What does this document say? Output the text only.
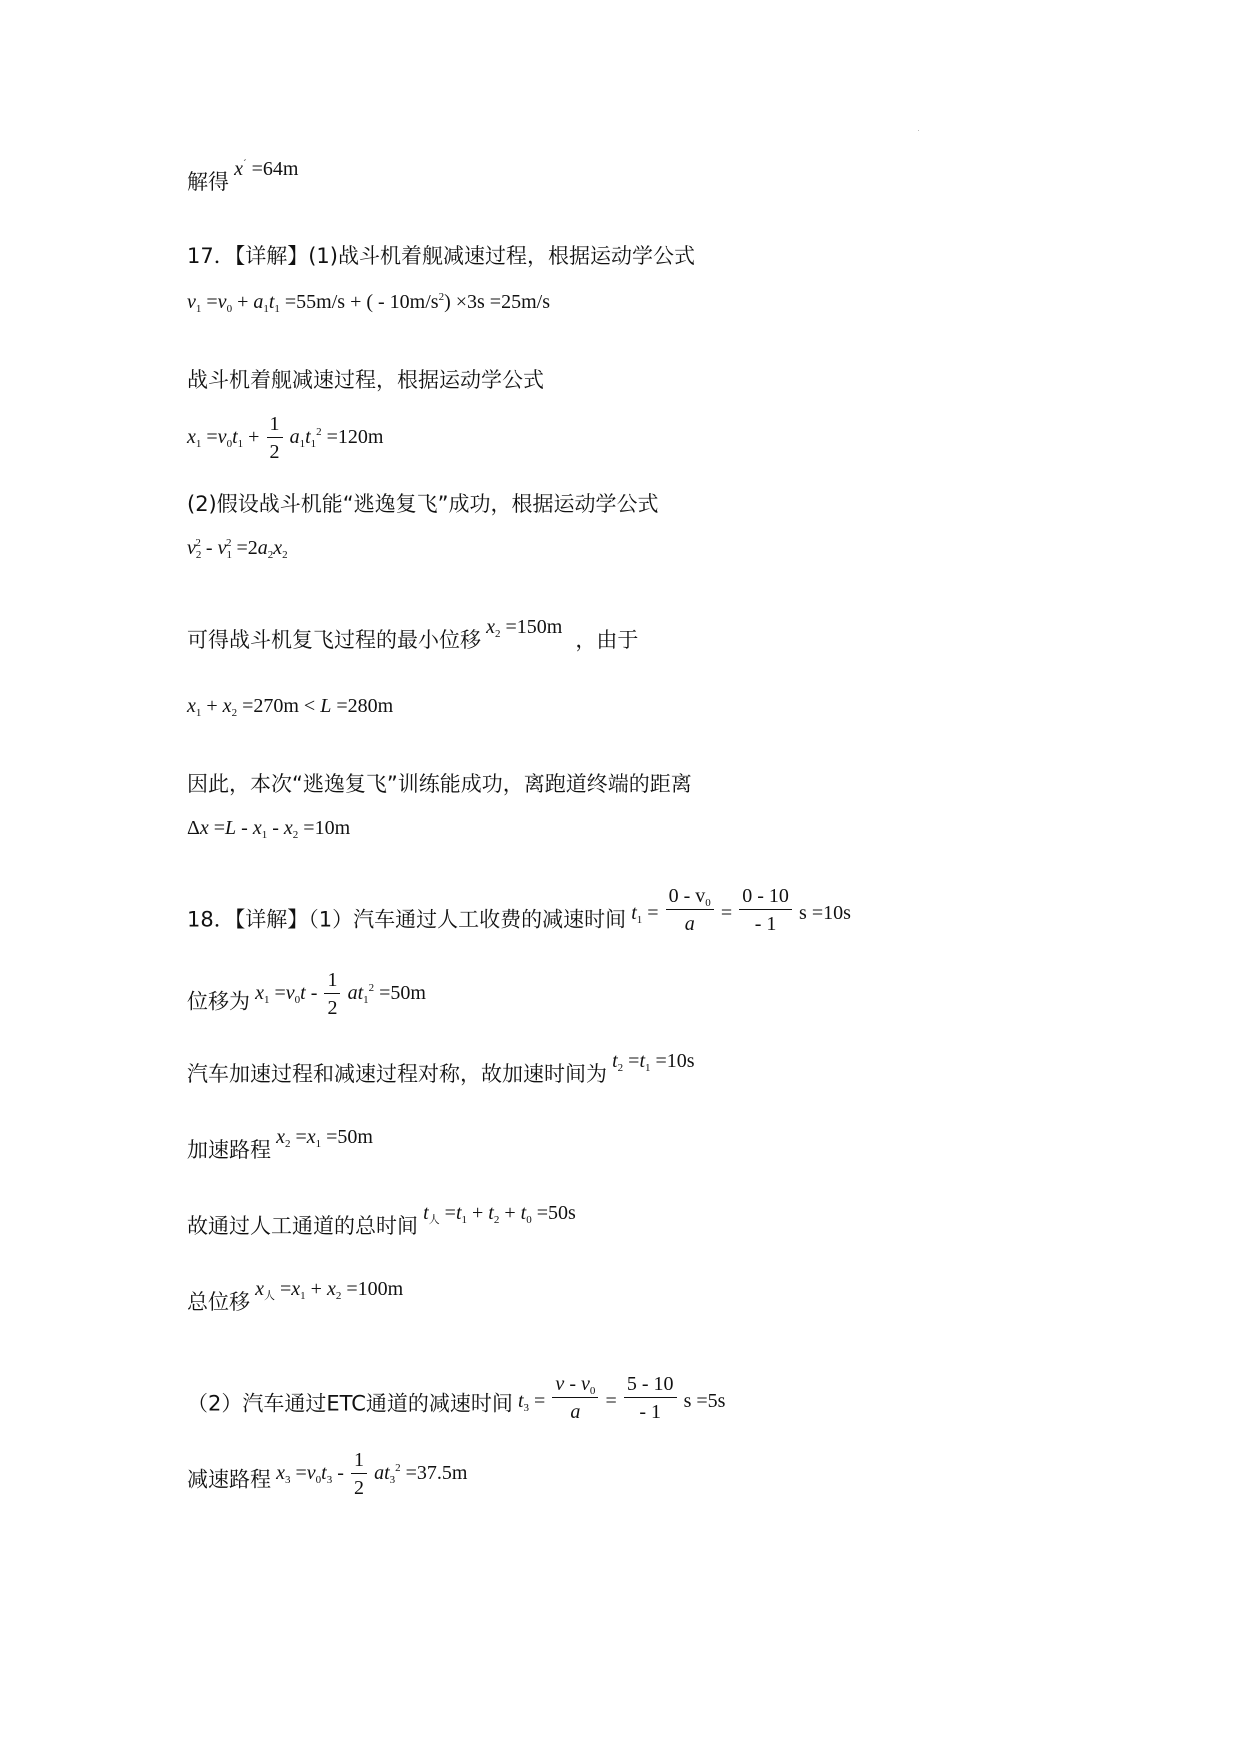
解得 x´ =64m
17．【详解】(1)战斗机着舰减速过程，根据运动学公式
$v_1 =v_0 + a_1t_1 =55m/s$ + ( - $10m/s^2) \times 3s =25m/s$
战斗机着舰减速过程，根据运动学公式
$x_1 =v_0t_1 + \frac{1}{2} a_1t_1^2 =120m$
(2)假设战斗机能“逃逸复飞”成功，根据运动学公式
$v_2^2 - v_1^2 =2a_2x_2$
可得战斗机复飞过程的最小位移 $x_2 =150m$ ，由于
$x_1 + x_2 =270m < L =280m$
因此，本次“逃逸复飞”训练能成功，离跑道终端的距离
$\Delta x =L - x_1 - x_2 =10m$
18．【详解】（1）汽车通过人工收费的减速时间 $t_1 = \frac{0 - v_0}{a} = \frac{0 - 10}{- 1}$ s =10s
位移为 $x_1 =v_0t - \frac{1}{2} at_1^2 =50m$
汽车加速过程和减速过程对称，故加速时间为 $t_2 =t_1 =10s$
加速路程 $x_2 =x_1 =50m$
故通过人工通道的总时间 $t_人 =t_1 + t_2 + t_0 =50s$
总位移 $x_人 =x_1 + x_2 =100m$
（2）汽车通过ETC通道的减速时间 $t_3 = \frac{v - v_0}{a} = \frac{5 - 10}{- 1}$ s =5s
减速路程 $x_3 =v_0t_3 - \frac{1}{2} at_3^2 =37.5m$
